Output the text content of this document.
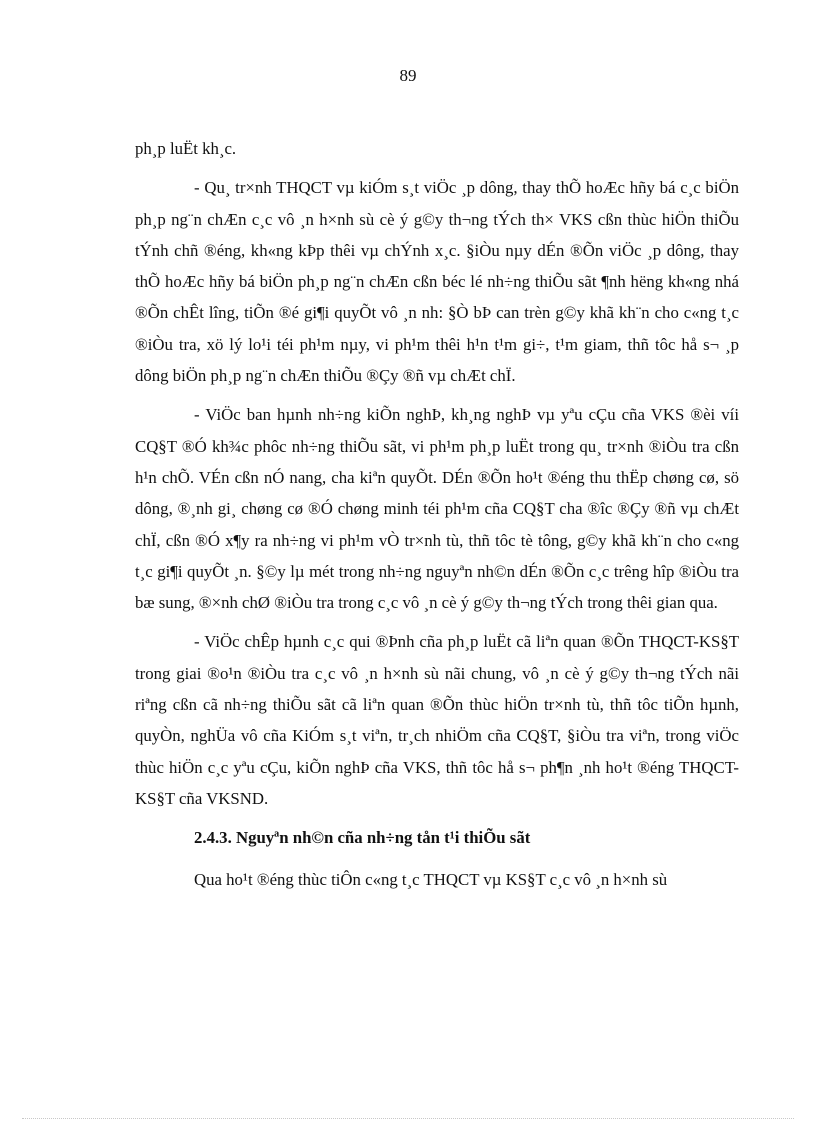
89

ph¸p luËt kh¸c.

- Qu¸ tr×nh THQCT vµ kiÓm s¸t viÖc ¸p dông, thay thÕ hoÆc hñy bá c¸c biÖn ph¸p ng¨n chÆn c¸c vô ¸n h×nh sù cè ý g©y th¬ng tÝch th× VKS cßn thùc hiÖn thiÕu tÝnh chñ ®éng, kh«ng kÞp thêi vµ chÝnh x¸c. §iÒu nµy dÉn ®Õn viÖc ¸p dông, thay thÕ hoÆc hñy bá biÖn ph¸p ng¨n chÆn cßn béc lé nh÷ng thiÕu sãt ¶nh hëng kh«ng nhá ®Õn chÊt lîng, tiÕn ®é gi¶i quyÕt vô ¸n nh: §Ò bÞ can trèn g©y khã kh¨n cho c«ng t¸c ®iÒu tra, xö lý lo¹i téi ph¹m nµy, vi ph¹m thêi h¹n t¹m gi÷, t¹m giam, thñ tôc hå s¬ ¸p dông biÖn ph¸p ng¨n chÆn thiÕu ®Çy ®ñ vµ chÆt chÏ.

- ViÖc ban hµnh nh÷ng kiÕn nghÞ, kh¸ng nghÞ vµ yªu cÇu cña VKS ®èi víi CQ§T ®Ó kh¾c phôc nh÷ng thiÕu sãt, vi ph¹m ph¸p luËt trong qu¸ tr×nh ®iÒu tra cßn h¹n chÕ. VÉn cßn nÓ nang, cha kiªn quyÕt. DÉn ®Õn ho¹t ®éng thu thËp chøng cø, sö dông, ®¸nh gi¸ chøng cø ®Ó chøng minh téi ph¹m cña CQ§T cha ®îc ®Çy ®ñ vµ chÆt chÏ, cßn ®Ó x¶y ra nh÷ng vi ph¹m vÒ tr×nh tù, thñ tôc tè tông, g©y khã kh¨n cho c«ng t¸c gi¶i quyÕt ¸n. §©y lµ mét trong nh÷ng nguyªn nh©n dÉn ®Õn c¸c trêng hîp ®iÒu tra bæ sung, ®×nh chØ ®iÒu tra trong c¸c vô ¸n cè ý g©y th¬ng tÝch trong thêi gian qua.

- ViÖc chÊp hµnh c¸c qui ®Þnh cña ph¸p luËt cã liªn quan ®Õn THQCT-KS§T trong giai ®o¹n ®iÒu tra c¸c vô ¸n h×nh sù nãi chung, vô ¸n cè ý g©y th¬ng tÝch nãi riªng cßn cã nh÷ng thiÕu sãt cã liªn quan ®Õn thùc hiÖn tr×nh tù, thñ tôc tiÕn hµnh, quyÒn, nghÜa vô cña KiÓm s¸t viªn, tr¸ch nhiÖm cña CQ§T, §iÒu tra viªn, trong viÖc thùc hiÖn c¸c yªu cÇu, kiÕn nghÞ cña VKS, thñ tôc hå s¬ ph¶n ¸nh ho¹t ®éng THQCT-KS§T cña VKSND.

2.4.3. Nguyªn nh©n cña nh÷ng tån t¹i thiÕu sãt

Qua ho¹t ®éng thùc tiÔn c«ng t¸c THQCT vµ KS§T c¸c vô ¸n h×nh sù
